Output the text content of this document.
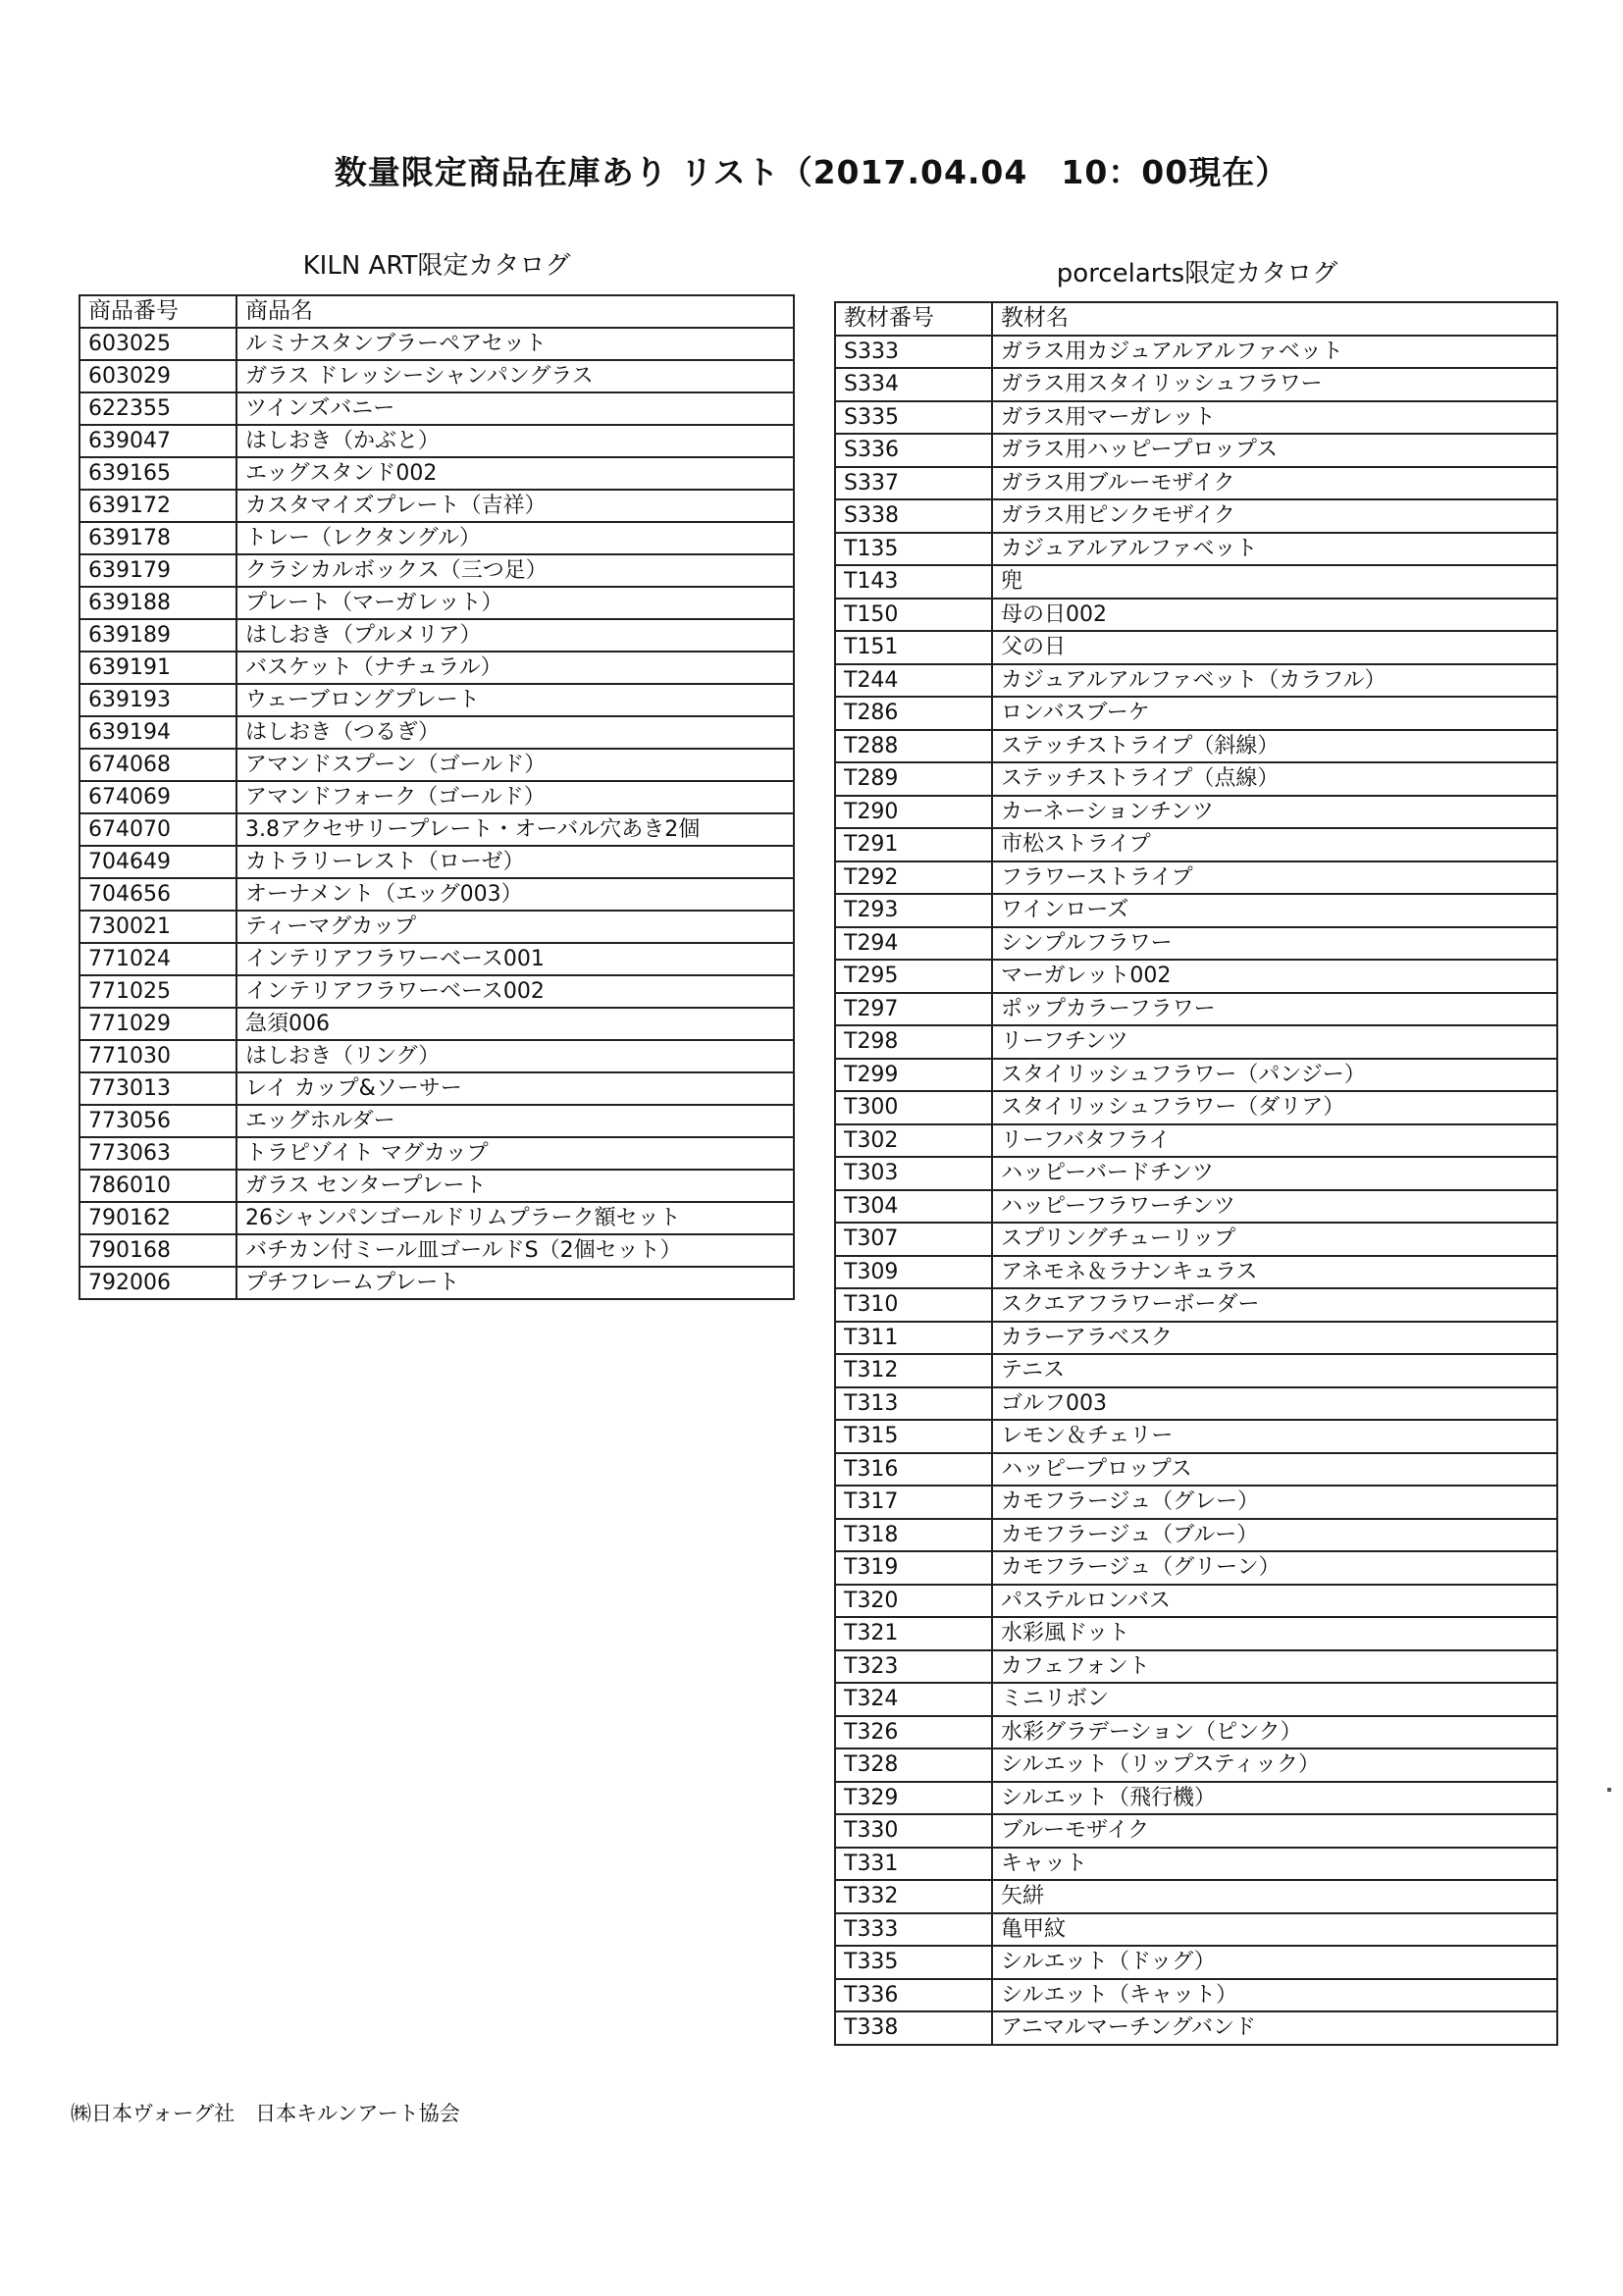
数量限定商品在庫あり リスト（2017.04.04　10：00現在）
KILN ART限定カタログ	porcelarts限定カタログ
商品番号	商品名
603025	ルミナスタンブラーペアセット
603029	ガラス ドレッシーシャンパングラス
622355	ツインズバニー
639047	はしおき（かぶと）
639165	エッグスタンド002
639172	カスタマイズプレート（吉祥）
639178	トレー（レクタングル）
639179	クラシカルボックス（三つ足）
639188	プレート（マーガレット）
639189	はしおき（プルメリア）
639191	バスケット（ナチュラル）
639193	ウェーブロングプレート
639194	はしおき（つるぎ）
674068	アマンドスプーン（ゴールド）
674069	アマンドフォーク（ゴールド）
674070	3.8アクセサリープレート・オーバル穴あき2個
704649	カトラリーレスト（ローゼ）
704656	オーナメント（エッグ003）
730021	ティーマグカップ
771024	インテリアフラワーベース001
771025	インテリアフラワーベース002
771029	急須006
771030	はしおき（リング）
773013	レイ カップ&ソーサー
773056	エッグホルダー
773063	トラピゾイト マグカップ
786010	ガラス センタープレート
790162	26シャンパンゴールドリムプラーク額セット
790168	バチカン付ミール皿ゴールドS（2個セット）
792006	プチフレームプレート
教材番号	教材名
S333	ガラス用カジュアルアルファベット
S334	ガラス用スタイリッシュフラワー
S335	ガラス用マーガレット
S336	ガラス用ハッピープロップス
S337	ガラス用ブルーモザイク
S338	ガラス用ピンクモザイク
T135	カジュアルアルファベット
T143	兜
T150	母の日002
T151	父の日
T244	カジュアルアルファベット（カラフル）
T286	ロンバスブーケ
T288	ステッチストライプ（斜線）
T289	ステッチストライプ（点線）
T290	カーネーションチンツ
T291	市松ストライプ
T292	フラワーストライプ
T293	ワインローズ
T294	シンプルフラワー
T295	マーガレット002
T297	ポップカラーフラワー
T298	リーフチンツ
T299	スタイリッシュフラワー（パンジー）
T300	スタイリッシュフラワー（ダリア）
T302	リーフバタフライ
T303	ハッピーバードチンツ
T304	ハッピーフラワーチンツ
T307	スプリングチューリップ
T309	アネモネ＆ラナンキュラス
T310	スクエアフラワーボーダー
T311	カラーアラベスク
T312	テニス
T313	ゴルフ003
T315	レモン＆チェリー
T316	ハッピープロップス
T317	カモフラージュ（グレー）
T318	カモフラージュ（ブルー）
T319	カモフラージュ（グリーン）
T320	パステルロンバス
T321	水彩風ドット
T323	カフェフォント
T324	ミニリボン
T326	水彩グラデーション（ピンク）
T328	シルエット（リップスティック）
T329	シルエット（飛行機）
T330	ブルーモザイク
T331	キャット
T332	矢絣
T333	亀甲紋
T335	シルエット（ドッグ）
T336	シルエット（キャット）
T338	アニマルマーチングバンド
㈱日本ヴォーグ社　日本キルンアート協会
